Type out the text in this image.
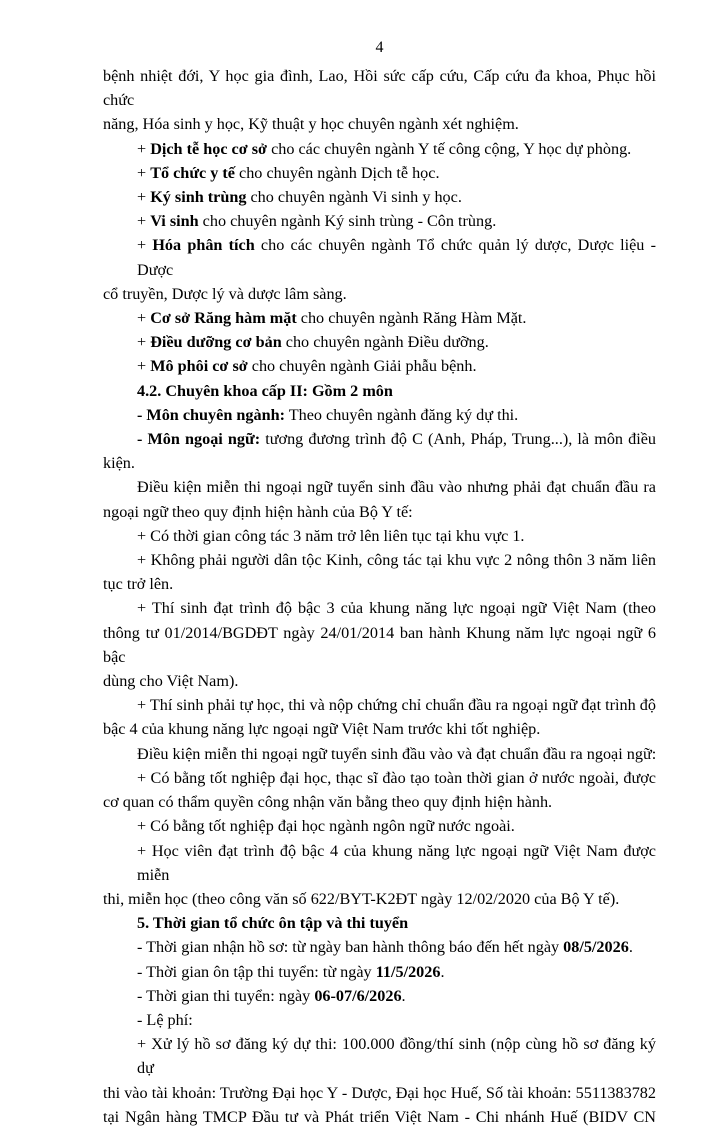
4
bệnh nhiệt đới, Y học gia đình, Lao, Hồi sức cấp cứu, Cấp cứu đa khoa, Phục hồi chức
năng, Hóa sinh y học, Kỹ thuật y học chuyên ngành xét nghiệm.
+ Dịch tễ học cơ sở cho các chuyên ngành Y tế công cộng, Y học dự phòng.
+ Tổ chức y tế cho chuyên ngành Dịch tễ học.
+ Ký sinh trùng cho chuyên ngành Vi sinh y học.
+ Vi sinh cho chuyên ngành Ký sinh trùng - Côn trùng.
+ Hóa phân tích cho các chuyên ngành Tổ chức quản lý dược, Dược liệu - Dược
cổ truyền, Dược lý và dược lâm sàng.
+ Cơ sở Răng hàm mặt cho chuyên ngành Răng Hàm Mặt.
+ Điều dưỡng cơ bản cho chuyên ngành Điều dưỡng.
+ Mô phôi cơ sở cho chuyên ngành Giải phẫu bệnh.
4.2. Chuyên khoa cấp II: Gồm 2 môn
- Môn chuyên ngành: Theo chuyên ngành đăng ký dự thi.
- Môn ngoại ngữ: tương đương trình độ C (Anh, Pháp, Trung...), là môn điều
kiện.
Điều kiện miễn thi ngoại ngữ tuyển sinh đầu vào nhưng phải đạt chuẩn đầu ra
ngoại ngữ theo quy định hiện hành của Bộ Y tế:
+ Có thời gian công tác 3 năm trở lên liên tục tại khu vực 1.
+ Không phải người dân tộc Kinh, công tác tại khu vực 2 nông thôn 3 năm liên
tục trở lên.
+ Thí sinh đạt trình độ bậc 3 của khung năng lực ngoại ngữ Việt Nam (theo
thông tư 01/2014/BGDĐT ngày 24/01/2014 ban hành Khung năm lực ngoại ngữ 6 bậc
dùng cho Việt Nam).
+ Thí sinh phải tự học, thi và nộp chứng chỉ chuẩn đầu ra ngoại ngữ đạt trình độ
bậc 4 của khung năng lực ngoại ngữ Việt Nam trước khi tốt nghiệp.
Điều kiện miễn thi ngoại ngữ tuyển sinh đầu vào và đạt chuẩn đầu ra ngoại ngữ:
+ Có bằng tốt nghiệp đại học, thạc sĩ đào tạo toàn thời gian ở nước ngoài, được
cơ quan có thẩm quyền công nhận văn bằng theo quy định hiện hành.
+ Có bằng tốt nghiệp đại học ngành ngôn ngữ nước ngoài.
+ Học viên đạt trình độ bậc 4 của khung năng lực ngoại ngữ Việt Nam được miễn
thi, miễn học (theo công văn số 622/BYT-K2ĐT ngày 12/02/2020 của Bộ Y tế).
5. Thời gian tổ chức ôn tập và thi tuyển
- Thời gian nhận hồ sơ: từ ngày ban hành thông báo đến hết ngày 08/5/2026.
- Thời gian ôn tập thi tuyển: từ ngày 11/5/2026.
- Thời gian thi tuyển: ngày 06-07/6/2026.
- Lệ phí:
+ Xử lý hồ sơ đăng ký dự thi: 100.000 đồng/thí sinh (nộp cùng hồ sơ đăng ký dự
thi vào tài khoản: Trường Đại học Y - Dược, Đại học Huế, Số tài khoản: 5511383782
tại Ngân hàng TMCP Đầu tư và Phát triển Việt Nam - Chi nhánh Huế (BIDV CN
